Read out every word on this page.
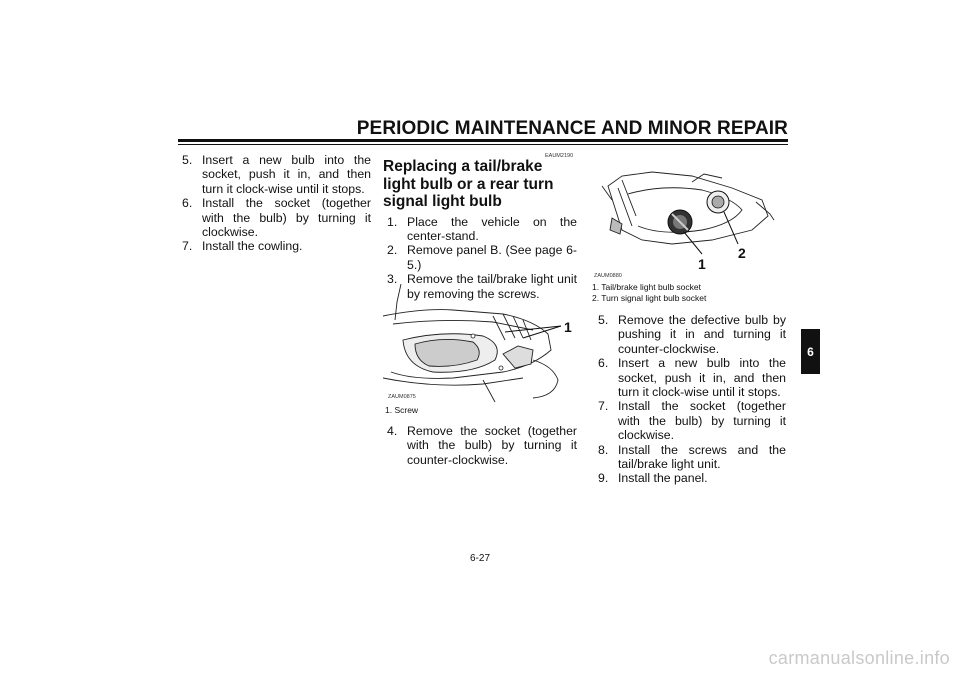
PERIODIC MAINTENANCE AND MINOR REPAIR
5. Insert a new bulb into the socket, push it in, and then turn it clock-wise until it stops.
6. Install the socket (together with the bulb) by turning it clockwise.
7. Install the cowling.
EAUM2190
Replacing a tail/brake light bulb or a rear turn signal light bulb
1. Place the vehicle on the center-stand.
2. Remove panel B. (See page 6-5.)
3. Remove the tail/brake light unit by removing the screws.
1
ZAUM0875
1. Screw
4. Remove the socket (together with the bulb) by turning it counter-clockwise.
1
2
ZAUM0880
1. Tail/brake light bulb socket
2. Turn signal light bulb socket
5. Remove the defective bulb by pushing it in and turning it counter-clockwise.
6. Insert a new bulb into the socket, push it in, and then turn it clock-wise until it stops.
7. Install the socket (together with the bulb) by turning it clockwise.
8. Install the screws and the tail/brake light unit.
9. Install the panel.
6
6-27
carmanualsonline.info
